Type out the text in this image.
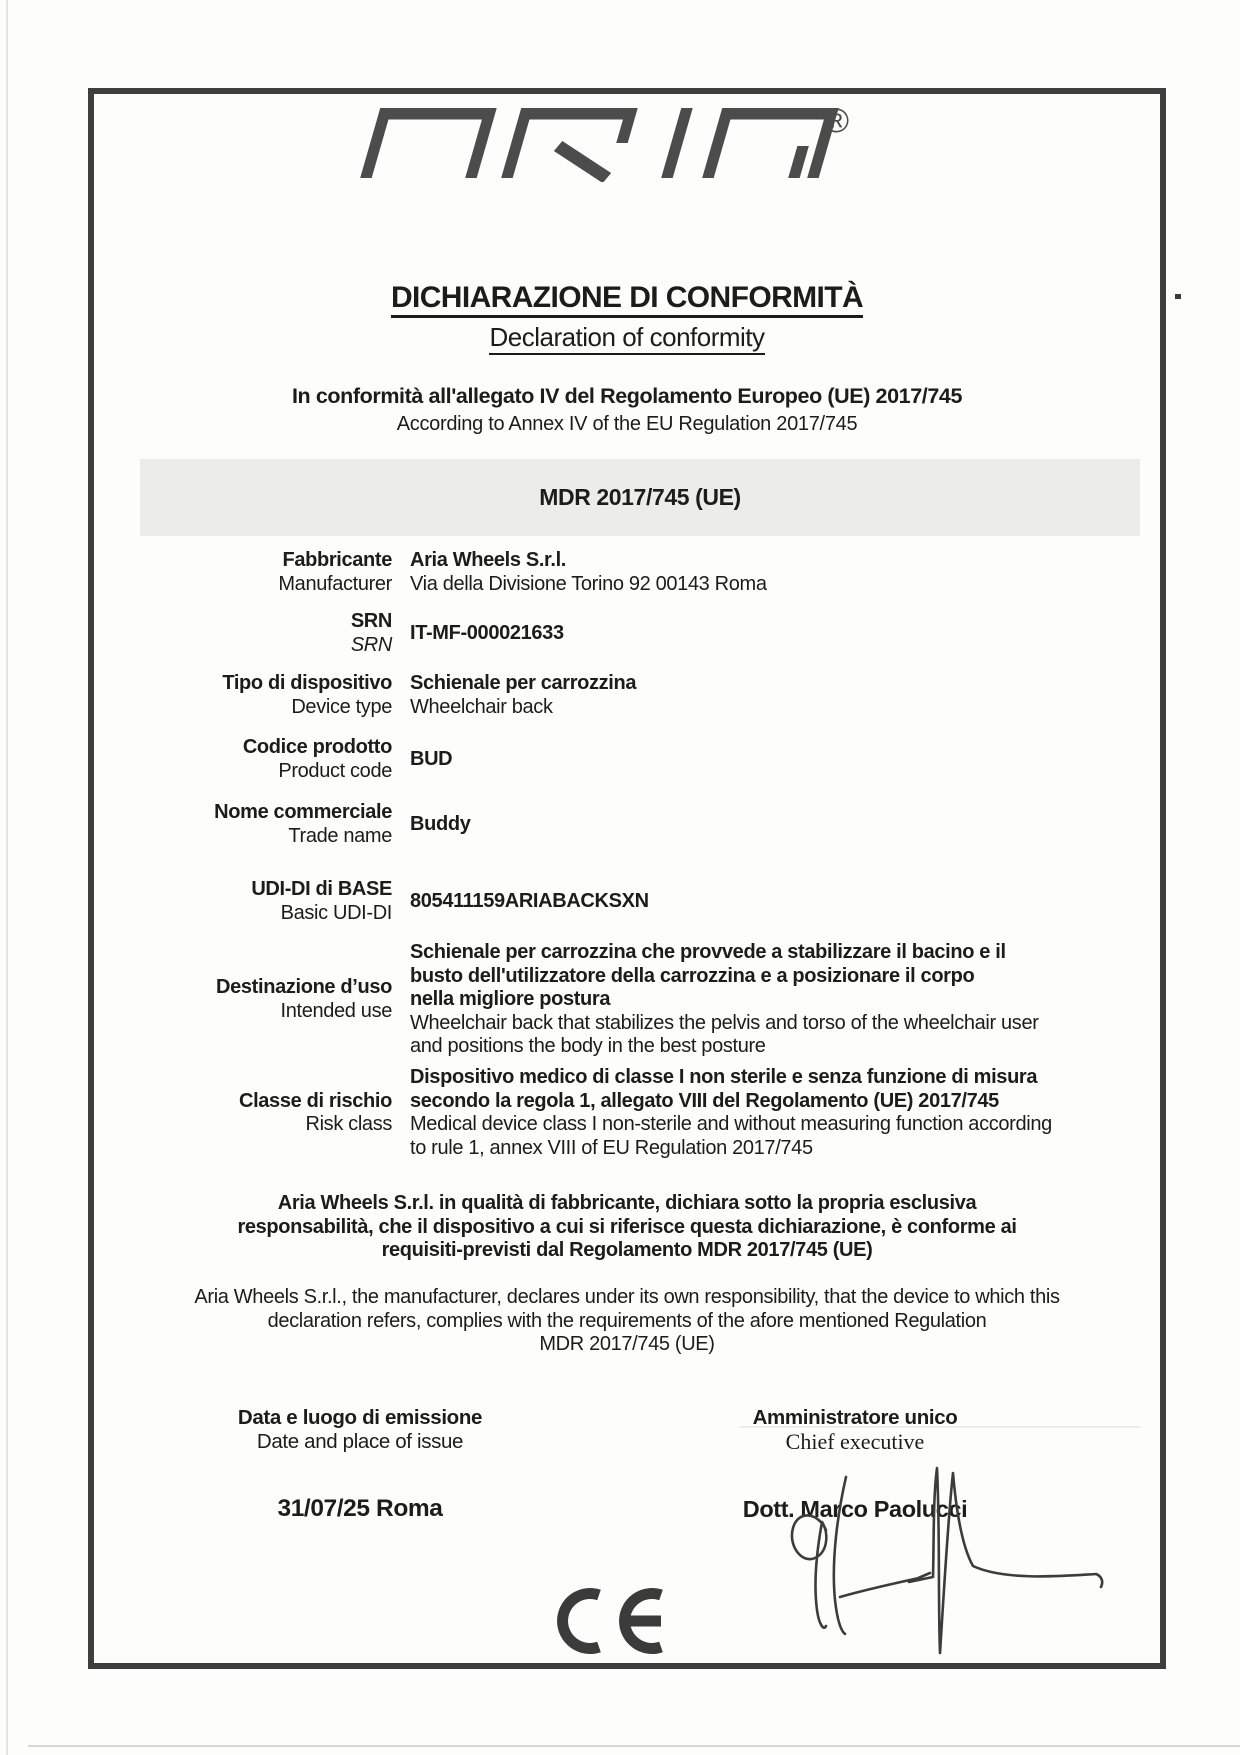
®
DICHIARAZIONE DI CONFORMITÀ
Declaration of conformity
In conformità all'allegato IV del Regolamento Europeo (UE) 2017/745
According to Annex IV of the EU Regulation 2017/745
MDR 2017/745 (UE)
Fabbricante
Manufacturer
Aria Wheels S.r.l.
Via della Divisione Torino 92 00143 Roma
SRN
SRN
IT-MF-000021633
Tipo di dispositivo
Device type
Schienale per carrozzina
Wheelchair back
Codice prodotto
Product code
BUD
Nome commerciale
Trade name
Buddy
UDI-DI di BASE
Basic UDI-DI
805411159ARIABACKSXN
Destinazione d’uso
Intended use
Schienale per carrozzina che provvede a stabilizzare il bacino e il
busto dell'utilizzatore della carrozzina e a posizionare il corpo
nella migliore postura
Wheelchair back that stabilizes the pelvis and torso of the wheelchair user
and positions the body in the best posture
Classe di rischio
Risk class
Dispositivo medico di classe I non sterile e senza funzione di misura
secondo la regola 1, allegato VIII del Regolamento (UE) 2017/745
Medical device class I non-sterile and without measuring function according
to rule 1, annex VIII of EU Regulation 2017/745
Aria Wheels S.r.l. in qualità di fabbricante, dichiara sotto la propria esclusiva
responsabilità, che il dispositivo a cui si riferisce questa dichiarazione, è conforme ai
requisiti-previsti dal Regolamento MDR 2017/745 (UE)
Aria Wheels S.r.l., the manufacturer, declares under its own responsibility, that the device to which this
declaration refers, complies with the requirements of the afore mentioned Regulation
MDR 2017/745 (UE)
Data e luogo di emissione
Date and place of issue
Amministratore unico
Chief executive
31/07/25 Roma	Dott. Marco Paolucci
